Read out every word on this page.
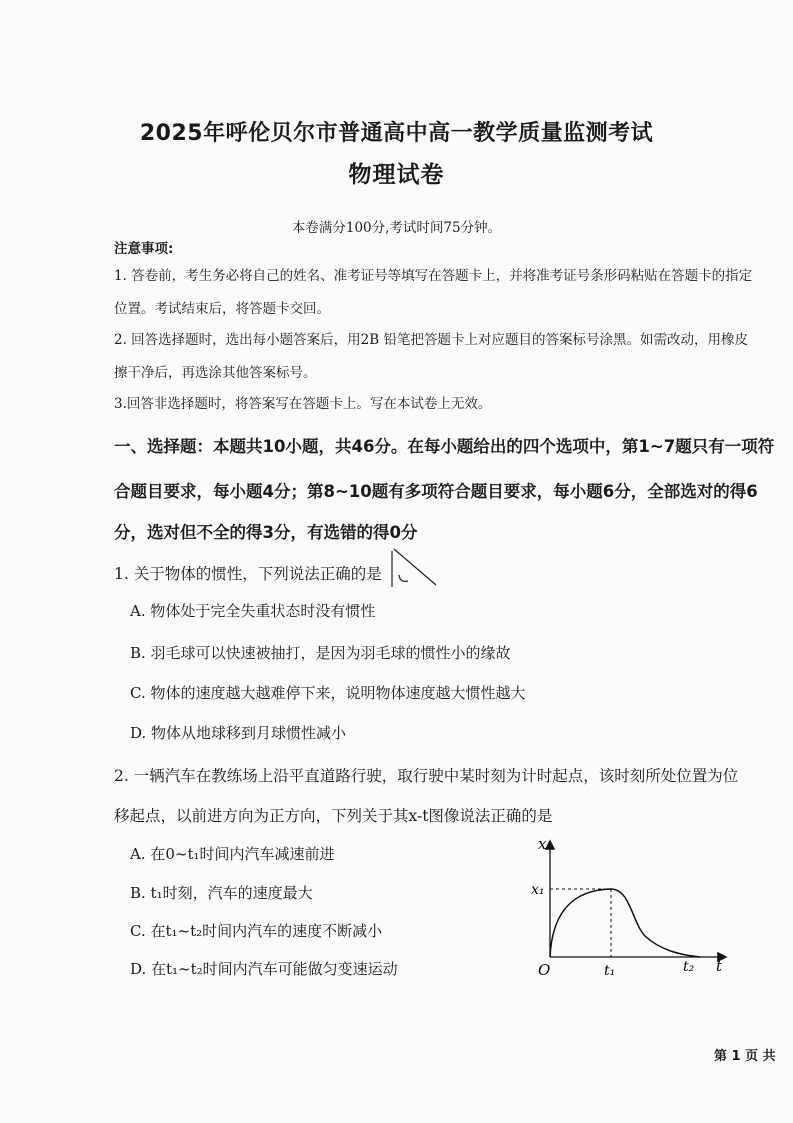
2025年呼伦贝尔市普通高中高一教学质量监测考试
物理试卷
本卷满分100分,考试时间75分钟。
注意事项:
1. 答卷前，考生务必将自己的姓名、准考证号等填写在答题卡上，并将准考证号条形码粘贴在答题卡的指定
位置。考试结束后，将答题卡交回。
2. 回答选择题时，选出每小题答案后，用2B 铅笔把答题卡上对应题目的答案标号涂黑。如需改动，用橡皮
擦干净后，再选涂其他答案标号。
3.回答非选择题时，将答案写在答题卡上。写在本试卷上无效。
一、选择题：本题共10小题，共46分。在每小题给出的四个选项中，第1~7题只有一项符
合题目要求，每小题4分；第8~10题有多项符合题目要求，每小题6分，全部选对的得6
分，选对但不全的得3分，有选错的得0分
1. 关于物体的惯性，下列说法正确的是
A. 物体处于完全失重状态时没有惯性
B. 羽毛球可以快速被抽打，是因为羽毛球的惯性小的缘故
C. 物体的速度越大越难停下来，说明物体速度越大惯性越大
D. 物体从地球移到月球惯性减小
2. 一辆汽车在教练场上沿平直道路行驶，取行驶中某时刻为计时起点，该时刻所处位置为位
移起点，以前进方向为正方向，下列关于其x-t图像说法正确的是
A. 在0~t₁时间内汽车减速前进
B. t₁时刻，汽车的速度最大
C. 在t₁~t₂时间内汽车的速度不断减小
D. 在t₁~t₂时间内汽车可能做匀变速运动
x
t
O
x₁
t₁	t₂
第 1 页 共
